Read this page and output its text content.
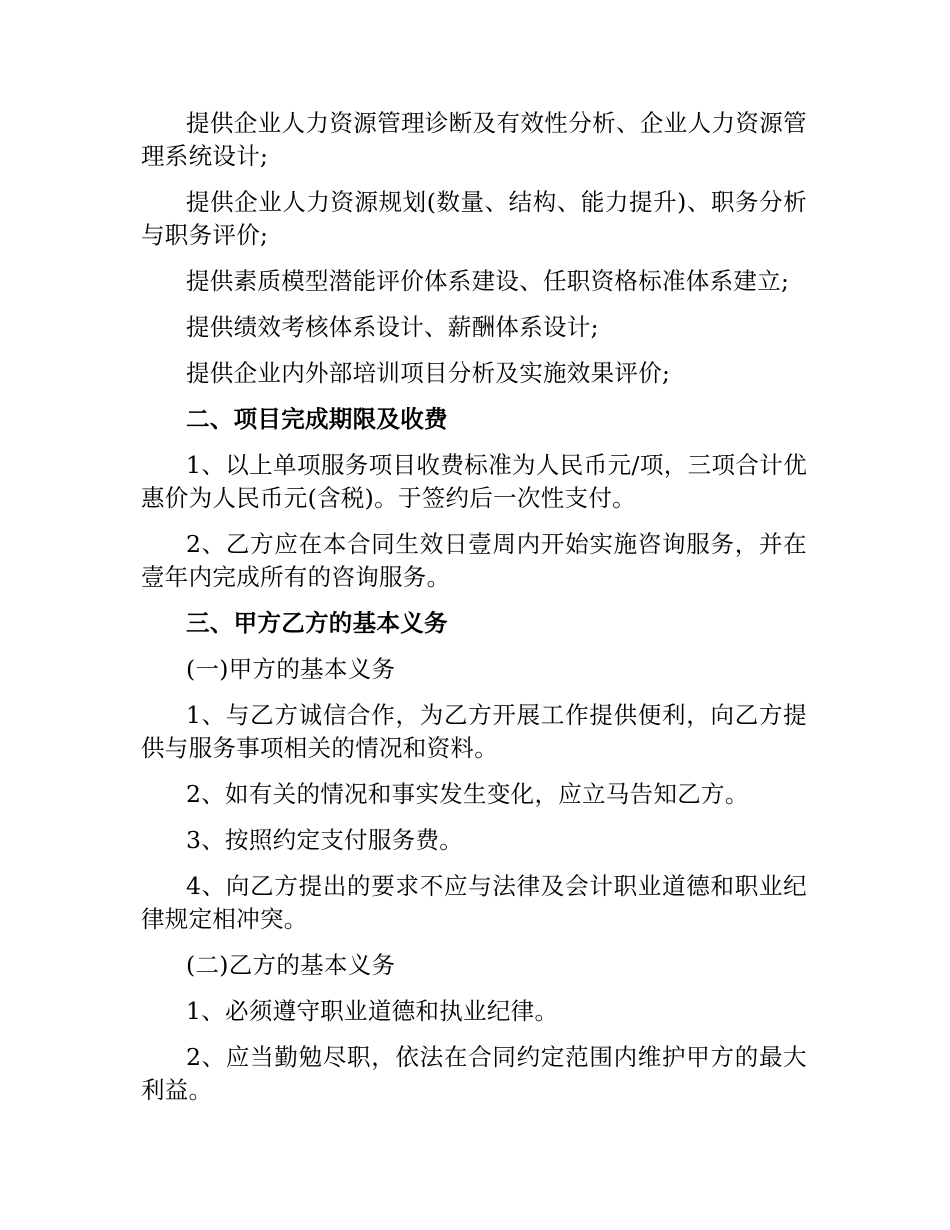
提供企业人力资源管理诊断及有效性分析、企业人力资源管理系统设计;

提供企业人力资源规划(数量、结构、能力提升)、职务分析与职务评价;

提供素质模型潜能评价体系建设、任职资格标准体系建立;

提供绩效考核体系设计、薪酬体系设计;

提供企业内外部培训项目分析及实施效果评价;

二、项目完成期限及收费

1、以上单项服务项目收费标准为人民币元/项，三项合计优惠价为人民币元(含税)。于签约后一次性支付。

2、乙方应在本合同生效日壹周内开始实施咨询服务，并在壹年内完成所有的咨询服务。

三、甲方乙方的基本义务

(一)甲方的基本义务

1、与乙方诚信合作，为乙方开展工作提供便利，向乙方提供与服务事项相关的情况和资料。

2、如有关的情况和事实发生变化，应立马告知乙方。

3、按照约定支付服务费。

4、向乙方提出的要求不应与法律及会计职业道德和职业纪律规定相冲突。

(二)乙方的基本义务

1、必须遵守职业道德和执业纪律。

2、应当勤勉尽职，依法在合同约定范围内维护甲方的最大利益。
